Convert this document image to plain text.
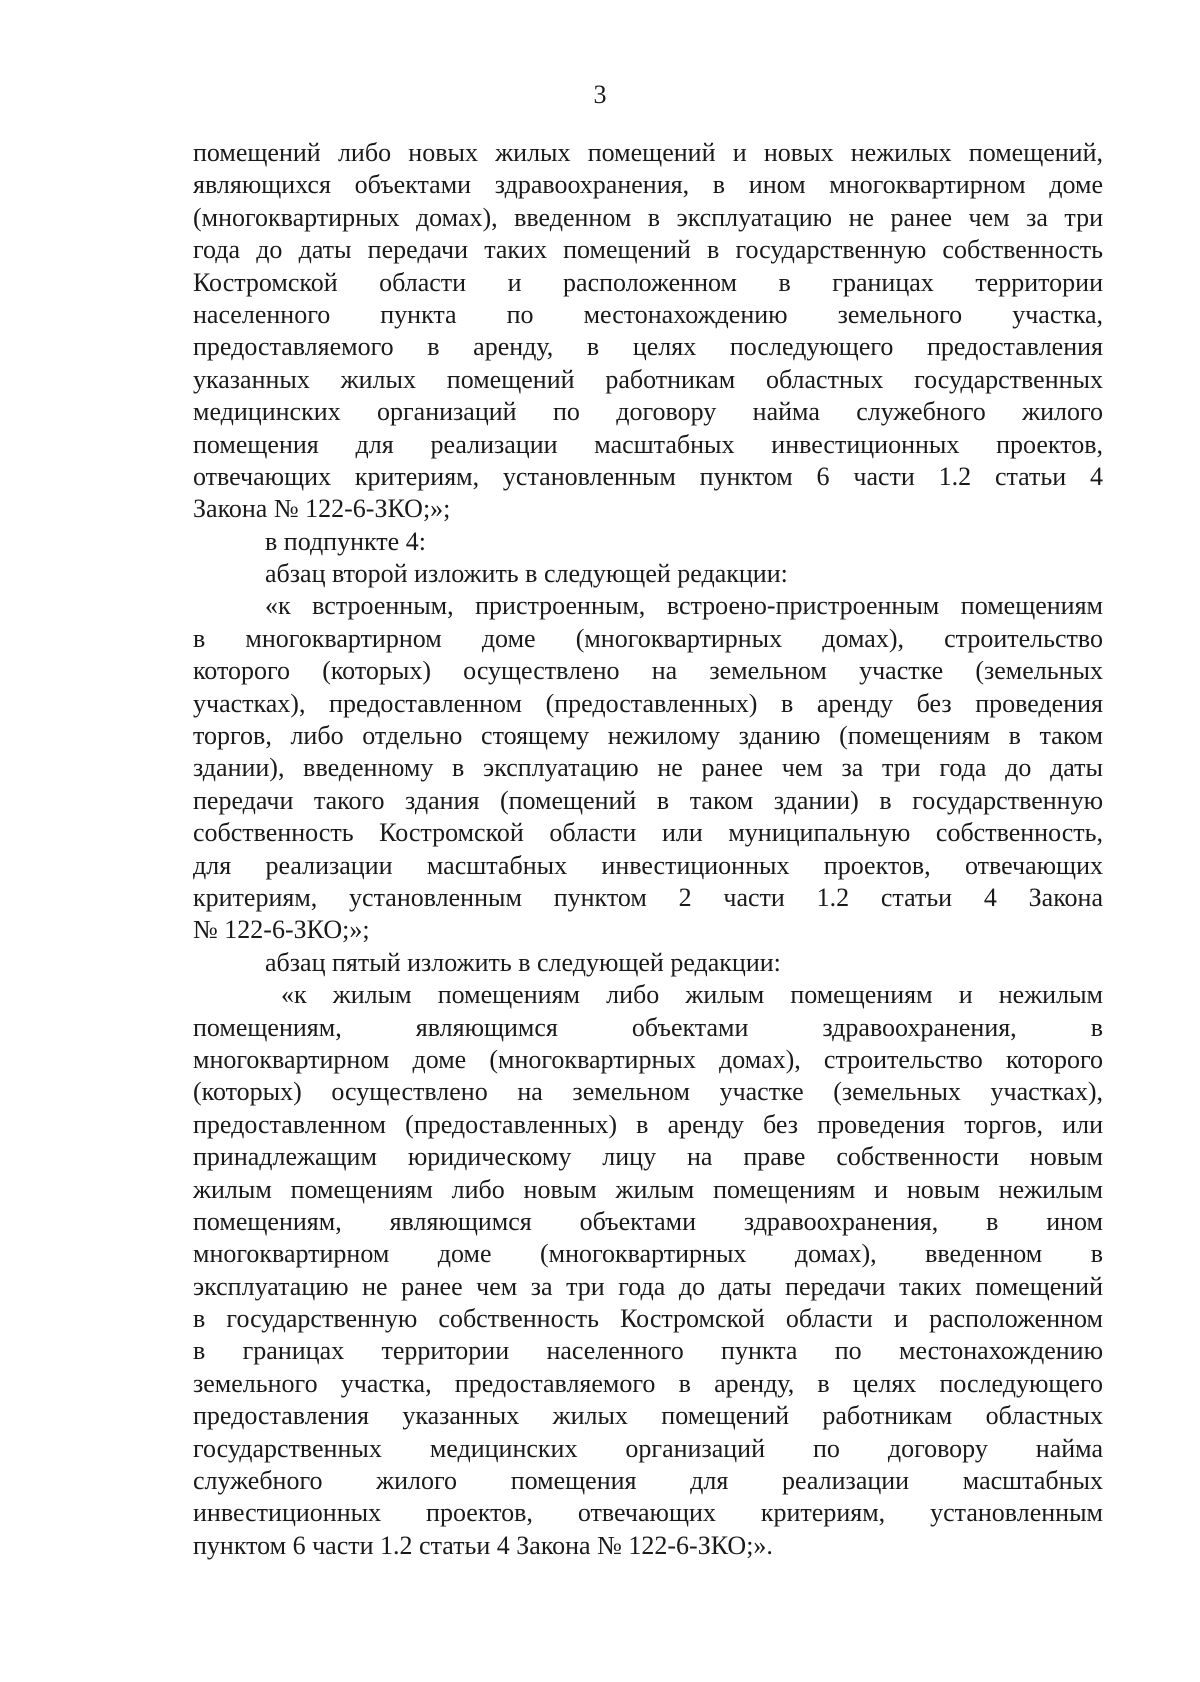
3
помещений либо новых жилых помещений и новых нежилых помещений,
являющихся объектами здравоохранения, в ином многоквартирном доме
(многоквартирных домах), введенном в эксплуатацию не ранее чем за три
года до даты передачи таких помещений в государственную собственность
Костромской области и расположенном в границах территории
населенного пункта по местонахождению земельного участка,
предоставляемого в аренду, в целях последующего предоставления
указанных жилых помещений работникам областных государственных
медицинских организаций по договору найма служебного жилого
помещения для реализации масштабных инвестиционных проектов,
отвечающих критериям, установленным пунктом 6 части 1.2 статьи 4
Закона № 122-6-ЗКО;»;
в подпункте 4:
абзац второй изложить в следующей редакции:
«к встроенным, пристроенным, встроено-пристроенным помещениям
в многоквартирном доме (многоквартирных домах), строительство
которого (которых) осуществлено на земельном участке (земельных
участках), предоставленном (предоставленных) в аренду без проведения
торгов, либо отдельно стоящему нежилому зданию (помещениям в таком
здании), введенному в эксплуатацию не ранее чем за три года до даты
передачи такого здания (помещений в таком здании) в государственную
собственность Костромской области или муниципальную собственность,
для реализации масштабных инвестиционных проектов, отвечающих
критериям, установленным пунктом 2 части 1.2 статьи 4 Закона
№ 122-6-ЗКО;»;
абзац пятый изложить в следующей редакции:
«к жилым помещениям либо жилым помещениям и нежилым
помещениям, являющимся объектами здравоохранения, в
многоквартирном доме (многоквартирных домах), строительство которого
(которых) осуществлено на земельном участке (земельных участках),
предоставленном (предоставленных) в аренду без проведения торгов, или
принадлежащим юридическому лицу на праве собственности новым
жилым помещениям либо новым жилым помещениям и новым нежилым
помещениям, являющимся объектами здравоохранения, в ином
многоквартирном доме (многоквартирных домах), введенном в
эксплуатацию не ранее чем за три года до даты передачи таких помещений
в государственную собственность Костромской области и расположенном
в границах территории населенного пункта по местонахождению
земельного участка, предоставляемого в аренду, в целях последующего
предоставления указанных жилых помещений работникам областных
государственных медицинских организаций по договору найма
служебного жилого помещения для реализации масштабных
инвестиционных проектов, отвечающих критериям, установленным
пунктом 6 части 1.2 статьи 4 Закона № 122-6-ЗКО;».
